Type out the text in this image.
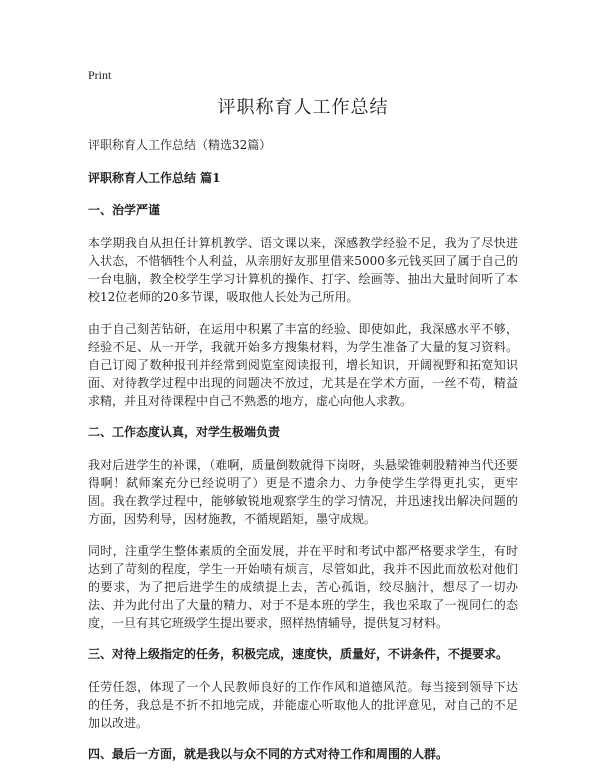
Print
评职称育人工作总结

评职称育人工作总结（精选32篇）

评职称育人工作总结 篇1

一、治学严谨

本学期我自从担任计算机教学、语文课以来，深感教学经验不足，我为了尽快进入状态，不惜牺牲个人利益，从亲朋好友那里借来5000多元钱买回了属于自己的一台电脑，教全校学生学习计算机的操作、打字、绘画等、抽出大量时间听了本校12位老师的20多节课，吸取他人长处为己所用。

由于自己刻苦钻研，在运用中积累了丰富的经验、即使如此，我深感水平不够，经验不足、从一开学，我就开始多方搜集材料，为学生准备了大量的复习资料。自己订阅了数种报刊并经常到阅览室阅读报刊，增长知识，开阔视野和拓宽知识面、对待教学过程中出现的问题决不放过，尤其是在学术方面，一丝不苟，精益求精，并且对待课程中自己不熟悉的地方，虚心向他人求教。

二、工作态度认真，对学生极端负责

我对后进学生的补课，（难啊，质量倒数就得下岗呀，头悬梁锥刺股精神当代还要得啊！弑师案充分已经说明了）更是不遗余力、力争使学生学得更扎实，更牢固。我在教学过程中，能够敏锐地观察学生的学习情况，并迅速找出解决问题的方面，因势利导，因材施教，不循规蹈矩，墨守成规。

同时，注重学生整体素质的全面发展，并在平时和考试中都严格要求学生，有时达到了苛刻的程度，学生一开始啧有烦言，尽管如此，我并不因此而放松对他们的要求，为了把后进学生的成绩提上去，苦心孤诣，绞尽脑汁，想尽了一切办法、并为此付出了大量的精力、对于不是本班的学生，我也采取了一视同仁的态度，一旦有其它班级学生提出要求，照样热情辅导，提供复习材料。

三、对待上级指定的任务，积极完成，速度快，质量好，不讲条件，不提要求。

任劳任怨，体现了一个人民教师良好的工作作风和道德风范。每当接到领导下达的任务，我总是不折不扣地完成，并能虚心听取他人的批评意见，对自己的不足加以改进。

四、最后一方面，就是我以与众不同的方式对待工作和周围的人群。
